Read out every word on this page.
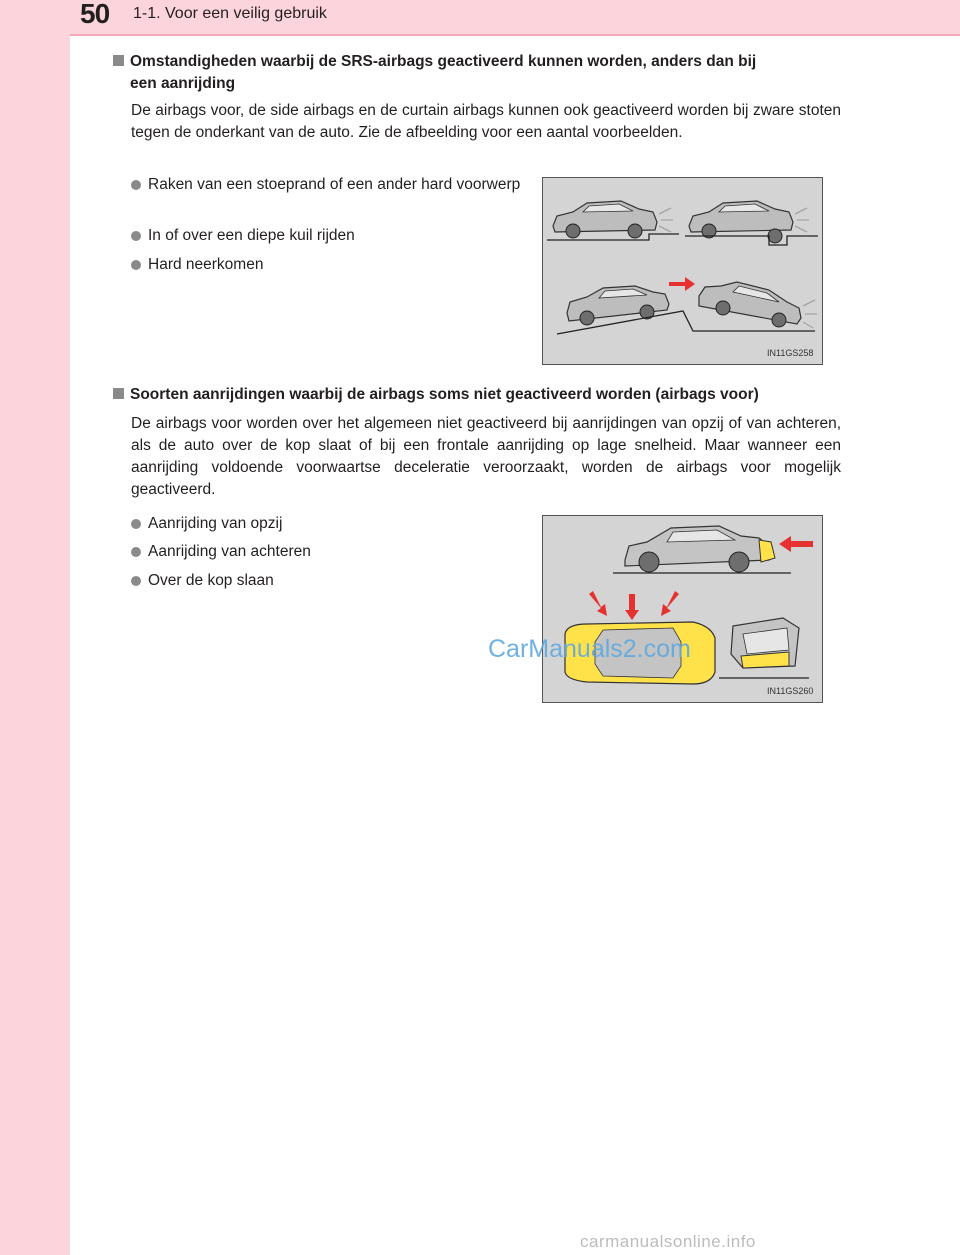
50 1-1. Voor een veilig gebruik
Omstandigheden waarbij de SRS-airbags geactiveerd kunnen worden, anders dan bij
een aanrijding
De airbags voor, de side airbags en de curtain airbags kunnen ook geactiveerd worden bij zware stoten tegen de onderkant van de auto. Zie de afbeelding voor een aantal voorbeelden.
Raken van een stoeprand of een ander hard voorwerp
In of over een diepe kuil rijden
Hard neerkomen
IN11GS258
Soorten aanrijdingen waarbij de airbags soms niet geactiveerd worden (airbags voor)
De airbags voor worden over het algemeen niet geactiveerd bij aanrijdingen van opzij of van achteren, als de auto over de kop slaat of bij een frontale aanrijding op lage snelheid. Maar wanneer een aanrijding voldoende voorwaartse deceleratie veroorzaakt, worden de airbags voor mogelijk geactiveerd.
Aanrijding van opzij
Aanrijding van achteren
Over de kop slaan
IN11GS260
CarManuals2.com
carmanualsonline.info
